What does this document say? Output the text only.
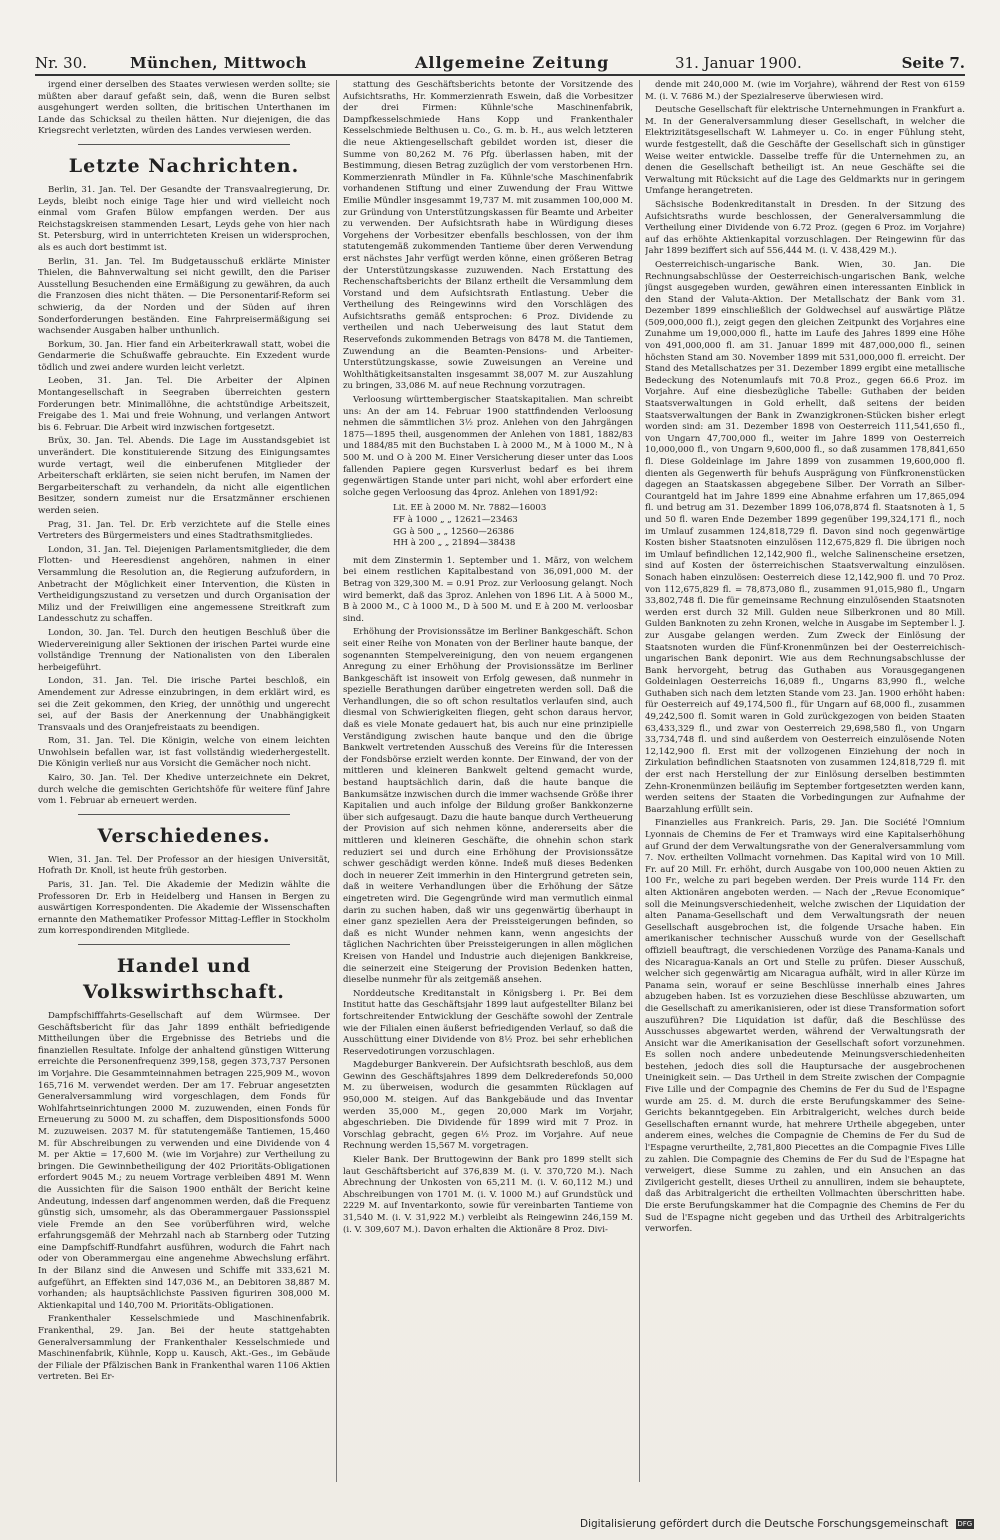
Nr. 30.	München, Mittwoch	Allgemeine Zeitung	31. Januar 1900.	Seite 7.

irgend einer derselben des Staates verwiesen werden sollte; sie müßten aber darauf gefaßt sein, daß, wenn die Buren selbst ausgehungert werden sollten, die britischen Unterthanen im Lande das Schicksal zu theilen hätten. Nur diejenigen, die das Kriegsrecht verletzten, würden des Landes verwiesen werden.

Letzte Nachrichten.

Berlin, 31. Jan. Tel. Der Gesandte der Transvaalregierung, Dr. Leyds, bleibt noch einige Tage hier und wird vielleicht noch einmal vom Grafen Bülow empfangen werden. Der aus Reichstagskreisen stammenden Lesart, Leyds gehe von hier nach St. Petersburg, wird in unterrichteten Kreisen un widersprochen, als es auch dort bestimmt ist.

Berlin, 31. Jan. Tel. Im Budgetausschuß erklärte Minister Thielen, die Bahnverwaltung sei nicht gewillt, den die Pariser Ausstellung Besuchenden eine Ermäßigung zu gewähren, da auch die Franzosen dies nicht thäten. — Die Personentarif-Reform sei schwierig, da der Norden und der Süden auf ihren Sonderforderungen beständen. Eine Fahrpreisermäßigung sei wachsender Ausgaben halber unthunlich.

Borkum, 30. Jan. Hier fand ein Arbeiterkrawall statt, wobei die Gendarmerie die Schußwaffe gebrauchte. Ein Exzedent wurde tödlich und zwei andere wurden leicht verletzt.

Leoben, 31. Jan. Tel. Die Arbeiter der Alpinen Montangesellschaft in Seegraben überreichten gestern Forderungen betr. Minimallöhne, die achtstündige Arbeitszeit, Freigabe des 1. Mai und freie Wohnung, und verlangen Antwort bis 6. Februar. Die Arbeit wird inzwischen fortgesetzt.

Brüx, 30. Jan. Tel. Abends. Die Lage im Ausstandsgebiet ist unverändert. Die konstituierende Sitzung des Einigungsamtes wurde vertagt, weil die einberufenen Mitglieder der Arbeiterschaft erklärten, sie seien nicht berufen, im Namen der Bergarbeiterschaft zu verhandeln, da nicht alle eigentlichen Besitzer, sondern zumeist nur die Ersatzmänner erschienen werden seien.

Prag, 31. Jan. Tel. Dr. Erb verzichtete auf die Stelle eines Vertreters des Bürgermeisters und eines Stadtrathsmitgliedes.

London, 31. Jan. Tel. Diejenigen Parlamentsmitglieder, die dem Flotten- und Heeresdienst angehören, nahmen in einer Versammlung die Resolution an, die Regierung aufzufordern, in Anbetracht der Möglichkeit einer Intervention, die Küsten in Vertheidigungszustand zu versetzen und durch Organisation der Miliz und der Freiwilligen eine angemessene Streitkraft zum Landesschutz zu schaffen.

London, 30. Jan. Tel. Durch den heutigen Beschluß über die Wiedervereinigung aller Sektionen der irischen Partei wurde eine vollständige Trennung der Nationalisten von den Liberalen herbeigeführt.

London, 31. Jan. Tel. Die irische Partei beschloß, ein Amendement zur Adresse einzubringen, in dem erklärt wird, es sei die Zeit gekommen, den Krieg, der unnöthig und ungerecht sei, auf der Basis der Anerkennung der Unabhängigkeit Transvaals und des Oranjefreistaats zu beendigen.

Rom, 31. Jan. Tel. Die Königin, welche von einem leichten Unwohlsein befallen war, ist fast vollständig wiederhergestellt. Die Königin verließ nur aus Vorsicht die Gemächer noch nicht.

Kairo, 30. Jan. Tel. Der Khedive unterzeichnete ein Dekret, durch welche die gemischten Gerichtshöfe für weitere fünf Jahre vom 1. Februar ab erneuert werden.

Verschiedenes.

Wien, 31. Jan. Tel. Der Professor an der hiesigen Universität, Hofrath Dr. Knoll, ist heute früh gestorben.

Paris, 31. Jan. Tel. Die Akademie der Medizin wählte die Professoren Dr. Erb in Heidelberg und Hansen in Bergen zu auswärtigen Korrespondenten. Die Akademie der Wissenschaften ernannte den Mathematiker Professor Mittag-Leffler in Stockholm zum korrespondirenden Mitgliede.

Handel und Volkswirthschaft.

Dampfschifffahrts-Gesellschaft auf dem Würmsee. Der Geschäftsbericht für das Jahr 1899 enthält befriedigende Mittheilungen über die Ergebnisse des Betriebs und die finanziellen Resultate. Infolge der anhaltend günstigen Witterung erreichte die Personenfrequenz 399,158, gegen 373,737 Personen im Vorjahre. Die Gesammteinnahmen betragen 225,909 M., wovon 165,716 M. verwendet werden. Der am 17. Februar angesetzten Generalversammlung wird vorgeschlagen, dem Fonds für Wohlfahrtseinrichtungen 2000 M. zuzuwenden, einen Fonds für Erneuerung zu 5000 M. zu schaffen, dem Dispositionsfonds 5000 M. zuzuweisen. 2037 M. für statutengemäße Tantiemen, 15,460 M. für Abschreibungen zu verwenden und eine Dividende von 4 M. per Aktie = 17,600 M. (wie im Vorjahre) zur Vertheilung zu bringen. Die Gewinnbetheiligung der 402 Prioritäts-Obligationen erfordert 9045 M.; zu neuem Vortrage verbleiben 4891 M. Wenn die Aussichten für die Saison 1900 enthält der Bericht keine Andeutung, indessen darf angenommen werden, daß die Frequenz günstig sich, umsomehr, als das Oberammergauer Passionsspiel viele Fremde an den See vorüberführen wird, welche erfahrungsgemäß der Mehrzahl nach ab Starnberg oder Tutzing eine Dampfschiff-Rundfahrt ausführen, wodurch die Fahrt nach oder von Oberammergau eine angenehme Abwechslung erfährt. In der Bilanz sind die Anwesen und Schiffe mit 333,621 M. aufgeführt, an Effekten sind 147,036 M., an Debitoren 38,887 M. vorhanden; als hauptsächlichste Passiven figuriren 308,000 M. Aktienkapital und 140,700 M. Prioritäts-Obligationen.

Frankenthaler Kesselschmiede und Maschinenfabrik. Frankenthal, 29. Jan. Bei der heute stattgehabten Generalversammlung der Frankenthaler Kesselschmiede und Maschinenfabrik, Kühnle, Kopp u. Kausch, Akt.-Ges., im Gebäude der Filiale der Pfälzischen Bank in Frankenthal waren 1106 Aktien vertreten. Bei Er-

stattung des Geschäftsberichts betonte der Vorsitzende des Aufsichtsraths, Hr. Kommerzienrath Eswein, daß die Vorbesitzer der drei Firmen: Kühnle'sche Maschinenfabrik, Dampfkesselschmiede Hans Kopp und Frankenthaler Kesselschmiede Belthusen u. Co., G. m. b. H., aus welch letzteren die neue Aktiengesellschaft gebildet worden ist, dieser die Summe von 80,262 M. 76 Pfg. überlassen haben, mit der Bestimmung, diesen Betrag zuzüglich der vom verstorbenen Hrn. Kommerzienrath Mündler in Fa. Kühnle'sche Maschinenfabrik vorhandenen Stiftung und einer Zuwendung der Frau Wittwe Emilie Mündler insgesammt 19,737 M. mit zusammen 100,000 M. zur Gründung von Unterstützungskassen für Beamte und Arbeiter zu verwenden. Der Aufsichtsrath habe in Würdigung dieses Vorgehens der Vorbesitzer ebenfalls beschlossen, von der ihm statutengemäß zukommenden Tantieme über deren Verwendung erst nächstes Jahr verfügt werden könne, einen größeren Betrag der Unterstützungskasse zuzuwenden. Nach Erstattung des Rechenschaftsberichts der Bilanz ertheilt die Versammlung dem Vorstand und dem Aufsichtsrath Entlastung. Ueber die Vertheilung des Reingewinns wird den Vorschlägen des Aufsichtsraths gemäß entsprochen: 6 Proz. Dividende zu vertheilen und nach Ueberweisung des laut Statut dem Reservefonds zukommenden Betrags von 8478 M. die Tantiemen, Zuwendung an die Beamten-Pensions- und Arbeiter-Unterstützungskasse, sowie Zuweisungen an Vereine und Wohlthätigkeitsanstalten insgesammt 38,007 M. zur Auszahlung zu bringen, 33,086 M. auf neue Rechnung vorzutragen.

Verloosung württembergischer Staatskapitalien. Man schreibt uns: An der am 14. Februar 1900 stattfindenden Verloosung nehmen die sämmtlichen 3½ proz. Anlehen von den Jahrgängen 1875—1895 theil, ausgenommen der Anlehen von 1881, 1882/83 und 1884/85 mit den Buchstaben L à 2000 M., M à 1000 M., N à 500 M. und O à 200 M. Einer Versicherung dieser unter das Loos fallenden Papiere gegen Kursverlust bedarf es bei ihrem gegenwärtigen Stande unter pari nicht, wohl aber erfordert eine solche gegen Verloosung das 4proz. Anlehen von 1891/92:

Lit. EE à 2000 M. Nr. 7882—16003
FF à 1000 „ „ 12621—23463
GG à 500 „ „ 12560—26386
HH à 200 „ „ 21894—38438

mit dem Zinstermin 1. September und 1. März, von welchem bei einem restlichen Kapitalbestand von 36,091,000 M. der Betrag von 329,300 M. = 0.91 Proz. zur Verloosung gelangt. Noch wird bemerkt, daß das 3proz. Anlehen von 1896 Lit. A à 5000 M., B à 2000 M., C à 1000 M., D à 500 M. und E à 200 M. verloosbar sind.

Erhöhung der Provisionssätze im Berliner Bankgeschäft. Schon seit einer Reihe von Monaten von der Berliner haute banque, der sogenannten Stempelvereinigung, den von neuem ergangenen Anregung zu einer Erhöhung der Provisionssätze im Berliner Bankgeschäft ist insoweit von Erfolg gewesen, daß nunmehr in spezielle Berathungen darüber eingetreten werden soll. Daß die Verhandlungen, die so oft schon resultatlos verlaufen sind, auch diesmal von Schwierigkeiten fliegen, geht schon daraus hervor, daß es viele Monate gedauert hat, bis auch nur eine prinzipielle Verständigung zwischen haute banque und den die übrige Bankwelt vertretenden Ausschuß des Vereins für die Interessen der Fondsbörse erzielt werden konnte. Der Einwand, der von der mittleren und kleineren Bankwelt geltend gemacht wurde, bestand hauptsächlich darin, daß die haute banque die Bankumsätze inzwischen durch die immer wachsende Größe ihrer Kapitalien und auch infolge der Bildung großer Bankkonzerne über sich aufgesaugt. Dazu die haute banque durch Vertheuerung der Provision auf sich nehmen könne, andererseits aber die mittleren und kleineren Geschäfte, die ohnehin schon stark reduziert sei und durch eine Erhöhung der Provisionssätze schwer geschädigt werden könne. Indeß muß dieses Bedenken doch in neuerer Zeit immerhin in den Hintergrund getreten sein, daß in weitere Verhandlungen über die Erhöhung der Sätze eingetreten wird. Die Gegengründe wird man vermutlich einmal darin zu suchen haben, daß wir uns gegenwärtig überhaupt in einer ganz speziellen Aera der Preissteigerungen befinden, so daß es nicht Wunder nehmen kann, wenn angesichts der täglichen Nachrichten über Preissteigerungen in allen möglichen Kreisen von Handel und Industrie auch diejenigen Bankkreise, die seinerzeit eine Steigerung der Provision Bedenken hatten, dieselbe nunmehr für als zeitgemäß ansehen.

Norddeutsche Kreditanstalt in Königsberg i. Pr. Bei dem Institut hatte das Geschäftsjahr 1899 laut aufgestellter Bilanz bei fortschreitender Entwicklung der Geschäfte sowohl der Zentrale wie der Filialen einen äußerst befriedigenden Verlauf, so daß die Ausschüttung einer Dividende von 8½ Proz. bei sehr erheblichen Reservedotirungen vorzuschlagen.

Magdeburger Bankverein. Der Aufsichtsrath beschloß, aus dem Gewinn des Geschäftsjahres 1899 dem Delkrederefonds 50,000 M. zu überweisen, wodurch die gesammten Rücklagen auf 950,000 M. steigen. Auf das Bankgebäude und das Inventar werden 35,000 M., gegen 20,000 Mark im Vorjahr, abgeschrieben. Die Dividende für 1899 wird mit 7 Proz. in Vorschlag gebracht, gegen 6½ Proz. im Vorjahre. Auf neue Rechnung werden 15,567 M. vorgetragen.

Kieler Bank. Der Bruttogewinn der Bank pro 1899 stellt sich laut Geschäftsbericht auf 376,839 M. (i. V. 370,720 M.). Nach Abrechnung der Unkosten von 65,211 M. (i. V. 60,112 M.) und Abschreibungen von 1701 M. (i. V. 1000 M.) auf Grundstück und 2229 M. auf Inventarkonto, sowie für vereinbarten Tantieme von 31,540 M. (i. V. 31,922 M.) verbleibt als Reingewinn 246,159 M. (i. V. 309,607 M.). Davon erhalten die Aktionäre 8 Proz. Divi-

dende mit 240,000 M. (wie im Vorjahre), während der Rest von 6159 M. (i. V. 7686 M.) der Spezialreserve überwiesen wird.

Deutsche Gesellschaft für elektrische Unternehmungen in Frankfurt a. M. In der Generalversammlung dieser Gesellschaft, in welcher die Elektrizitätsgesellschaft W. Lahmeyer u. Co. in enger Fühlung steht, wurde festgestellt, daß die Geschäfte der Gesellschaft sich in günstiger Weise weiter entwickle. Dasselbe treffe für die Unternehmen zu, an denen die Gesellschaft betheiligt ist. An neue Geschäfte sei die Verwaltung mit Rücksicht auf die Lage des Geldmarkts nur in geringem Umfange herangetreten.

Sächsische Bodenkreditanstalt in Dresden. In der Sitzung des Aufsichtsraths wurde beschlossen, der Generalversammlung die Vertheilung einer Dividende von 6.72 Proz. (gegen 6 Proz. im Vorjahre) auf das erhöhte Aktienkapital vorzuschlagen. Der Reingewinn für das Jahr 1899 beziffert sich auf 556,444 M. (i. V. 438,429 M.).

Oesterreichisch-ungarische Bank. Wien, 30. Jan. Die Rechnungsabschlüsse der Oesterreichisch-ungarischen Bank, welche jüngst ausgegeben wurden, gewähren einen interessanten Einblick in den Stand der Valuta-Aktion. Der Metallschatz der Bank vom 31. Dezember 1899 einschließlich der Goldwechsel auf auswärtige Plätze (509,000,000 fl.), zeigt gegen den gleichen Zeitpunkt des Vorjahres eine Zunahme um 19,000,000 fl., hatte im Laufe des Jahres 1899 eine Höhe von 491,000,000 fl. am 31. Januar 1899 mit 487,000,000 fl., seinen höchsten Stand am 30. November 1899 mit 531,000,000 fl. erreicht. Der Stand des Metallschatzes per 31. Dezember 1899 ergibt eine metallische Bedeckung des Notenumlaufs mit 70.8 Proz., gegen 66.6 Proz. im Vorjahre. Auf eine diesbezügliche Tabelle: Guthaben der beiden Staatsverwaltungen in Gold erhellt, daß seitens der beiden Staatsverwaltungen der Bank in Zwanzigkronen-Stücken bisher erlegt worden sind: am 31. Dezember 1898 von Oesterreich 111,541,650 fl., von Ungarn 47,700,000 fl., weiter im Jahre 1899 von Oesterreich 10,000,000 fl., von Ungarn 9,600,000 fl., so daß zusammen 178,841,650 fl. Diese Goldeinlage im Jahre 1899 von zusammen 19,600,000 fl. dienten als Gegenwerth für behufs Ausprägung von Fünfkronenstücken dagegen an Staatskassen abgegebene Silber. Der Vorrath an Silber-Courantgeld hat im Jahre 1899 eine Abnahme erfahren um 17,865,094 fl. und betrug am 31. Dezember 1899 106,078,874 fl. Staatsnoten à 1, 5 und 50 fl. waren Ende Dezember 1899 gegenüber 199,324,171 fl., noch im Umlauf zusammen 124,818,729 fl. Davon sind noch gegenwärtige Kosten bisher Staatsnoten einzulösen 112,675,829 fl. Die übrigen noch im Umlauf befindlichen 12,142,900 fl., welche Salinenscheine ersetzen, sind auf Kosten der österreichischen Staatsverwaltung einzulösen. Sonach haben einzulösen: Oesterreich diese 12,142,900 fl. und 70 Proz. von 112,675,829 fl. = 78,873,080 fl., zusammen 91,015,980 fl., Ungarn 33,802,748 fl. Die für gemeinsame Rechnung einzulösenden Staatsnoten werden erst durch 32 Mill. Gulden neue Silberkronen und 80 Mill. Gulden Banknoten zu zehn Kronen, welche in Ausgabe im September l. J. zur Ausgabe gelangen werden. Zum Zweck der Einlösung der Staatsnoten wurden die Fünf-Kronenmünzen bei der Oesterreichisch-ungarischen Bank deponirt. Wie aus dem Rechnungsabschlusse der Bank hervorgeht, betrug das Guthaben aus Vorausgegangenen Goldeinlagen Oesterreichs 16,089 fl., Ungarns 83,990 fl., welche Guthaben sich nach dem letzten Stande vom 23. Jan. 1900 erhöht haben: für Oesterreich auf 49,174,500 fl., für Ungarn auf 68,000 fl., zusammen 49,242,500 fl. Somit waren in Gold zurückgezogen von beiden Staaten 63,433,329 fl., und zwar von Oesterreich 29,698,580 fl., von Ungarn 33,734,748 fl. und sind außerdem von Oesterreich einzulösende Noten 12,142,900 fl. Erst mit der vollzogenen Einziehung der noch in Zirkulation befindlichen Staatsnoten von zusammen 124,818,729 fl. mit der erst nach Herstellung der zur Einlösung derselben bestimmten Zehn-Kronenmünzen beiläufig im September fortgesetzten werden kann, werden seitens der Staaten die Vorbedingungen zur Aufnahme der Baarzahlung erfüllt sein.

Finanzielles aus Frankreich. Paris, 29. Jan. Die Société l'Omnium Lyonnais de Chemins de Fer et Tramways wird eine Kapitalserhöhung auf Grund der dem Verwaltungsrathe von der Generalversammlung vom 7. Nov. ertheilten Vollmacht vornehmen. Das Kapital wird von 10 Mill. Fr. auf 20 Mill. Fr. erhöht, durch Ausgabe von 100,000 neuen Aktien zu 100 Fr., welche zu pari begeben werden. Der Preis wurde 114 Fr. den alten Aktionären angeboten werden. — Nach der „Revue Economique“ soll die Meinungsverschiedenheit, welche zwischen der Liquidation der alten Panama-Gesellschaft und dem Verwaltungsrath der neuen Gesellschaft ausgebrochen ist, die folgende Ursache haben. Ein amerikanischer technischer Ausschuß wurde von der Gesellschaft offiziell beauftragt, die verschiedenen Vorzüge des Panama-Kanals und des Nicaragua-Kanals an Ort und Stelle zu prüfen. Dieser Ausschuß, welcher sich gegenwärtig am Nicaragua aufhält, wird in aller Kürze im Panama sein, worauf er seine Beschlüsse innerhalb eines Jahres abzugeben haben. Ist es vorzuziehen diese Beschlüsse abzuwarten, um die Gesellschaft zu amerikanisieren, oder ist diese Transformation sofort auszuführen? Die Liquidation ist dafür, daß die Beschlüsse des Ausschusses abgewartet werden, während der Verwaltungsrath der Ansicht war die Amerikanisation der Gesellschaft sofort vorzunehmen. Es sollen noch andere unbedeutende Meinungsverschiedenheiten bestehen, jedoch dies soll die Hauptursache der ausgebrochenen Uneinigkeit sein. — Das Urtheil in dem Streite zwischen der Compagnie Five Lille und der Compagnie des Chemins de Fer du Sud de l'Espagne wurde am 25. d. M. durch die erste Berufungskammer des Seine-Gerichts bekanntgegeben. Ein Arbitralgericht, welches durch beide Gesellschaften ernannt wurde, hat mehrere Urtheile abgegeben, unter anderem eines, welches die Compagnie de Chemins de Fer du Sud de l'Espagne verurtheilte, 2,781,800 Piecettes an die Compagnie Fives Lille zu zahlen. Die Compagnie des Chemins de Fer du Sud de l'Espagne hat verweigert, diese Summe zu zahlen, und ein Ansuchen an das Zivilgericht gestellt, dieses Urtheil zu annulliren, indem sie behauptete, daß das Arbitralgericht die ertheilten Vollmachten überschritten habe. Die erste Berufungskammer hat die Compagnie des Chemins de Fer du Sud de l'Espagne nicht gegeben und das Urtheil des Arbitralgerichts verworfen.

Digitalisierung gefördert durch die Deutsche Forschungsgemeinschaft DFG
